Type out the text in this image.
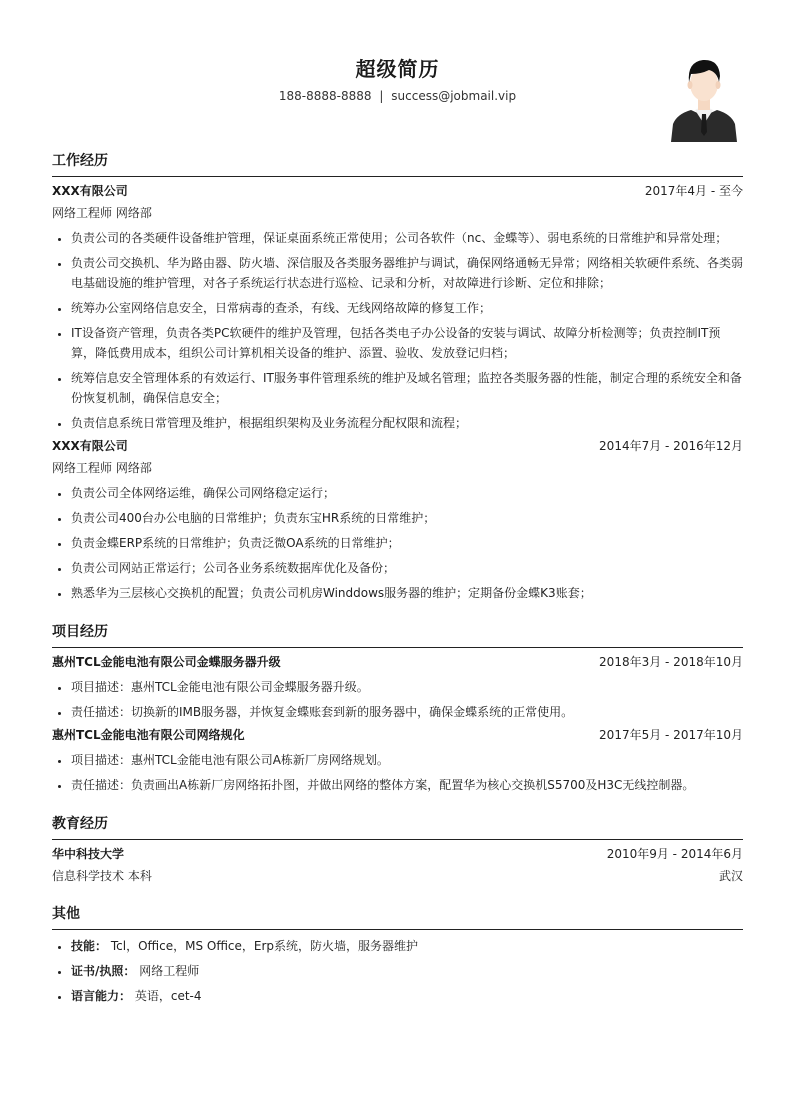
超级简历
188-8888-8888 | success@jobmail.vip
工作经历
XXX有限公司	2017年4月 - 至今
网络工程师 网络部
• 负责公司的各类硬件设备维护管理，保证桌面系统正常使用；公司各软件（nc、金蝶等）、弱电系统的日常维护和异常处理；
• 负责公司交换机、华为路由器、防火墙、深信服及各类服务器维护与调试，确保网络通畅无异常；网络相关软硬件系统、各类弱电基础设施的维护管理，对各子系统运行状态进行巡检、记录和分析，对故障进行诊断、定位和排除；
• 统筹办公室网络信息安全，日常病毒的查杀，有线、无线网络故障的修复工作；
• IT设备资产管理，负责各类PC软硬件的维护及管理，包括各类电子办公设备的安装与调试、故障分析检测等；负责控制IT预算，降低费用成本，组织公司计算机相关设备的维护、添置、验收、发放登记归档；
• 统筹信息安全管理体系的有效运行、IT服务事件管理系统的维护及域名管理；监控各类服务器的性能，制定合理的系统安全和备份恢复机制，确保信息安全；
• 负责信息系统日常管理及维护，根据组织架构及业务流程分配权限和流程；
XXX有限公司	2014年7月 - 2016年12月
网络工程师 网络部
• 负责公司全体网络运维，确保公司网络稳定运行；
• 负责公司400台办公电脑的日常维护；负责东宝HR系统的日常维护；
• 负责金蝶ERP系统的日常维护；负责泛微OA系统的日常维护；
• 负责公司网站正常运行；公司各业务系统数据库优化及备份；
• 熟悉华为三层核心交换机的配置；负责公司机房Winddows服务器的维护；定期备份金蝶K3账套；
项目经历
惠州TCL金能电池有限公司金蝶服务器升级	2018年3月 - 2018年10月
• 项目描述：惠州TCL金能电池有限公司金蝶服务器升级。
• 责任描述：切换新的IMB服务器，并恢复金蝶账套到新的服务器中，确保金蝶系统的正常使用。
惠州TCL金能电池有限公司网络规化	2017年5月 - 2017年10月
• 项目描述：惠州TCL金能电池有限公司A栋新厂房网络规划。
• 责任描述：负责画出A栋新厂房网络拓扑图，并做出网络的整体方案，配置华为核心交换机S5700及H3C无线控制器。
教育经历
华中科技大学	2010年9月 - 2014年6月
信息科学技术 本科	武汉
其他
• 技能： Tcl，Office，MS Office，Erp系统，防火墙，服务器维护
• 证书/执照： 网络工程师
• 语言能力： 英语，cet-4
